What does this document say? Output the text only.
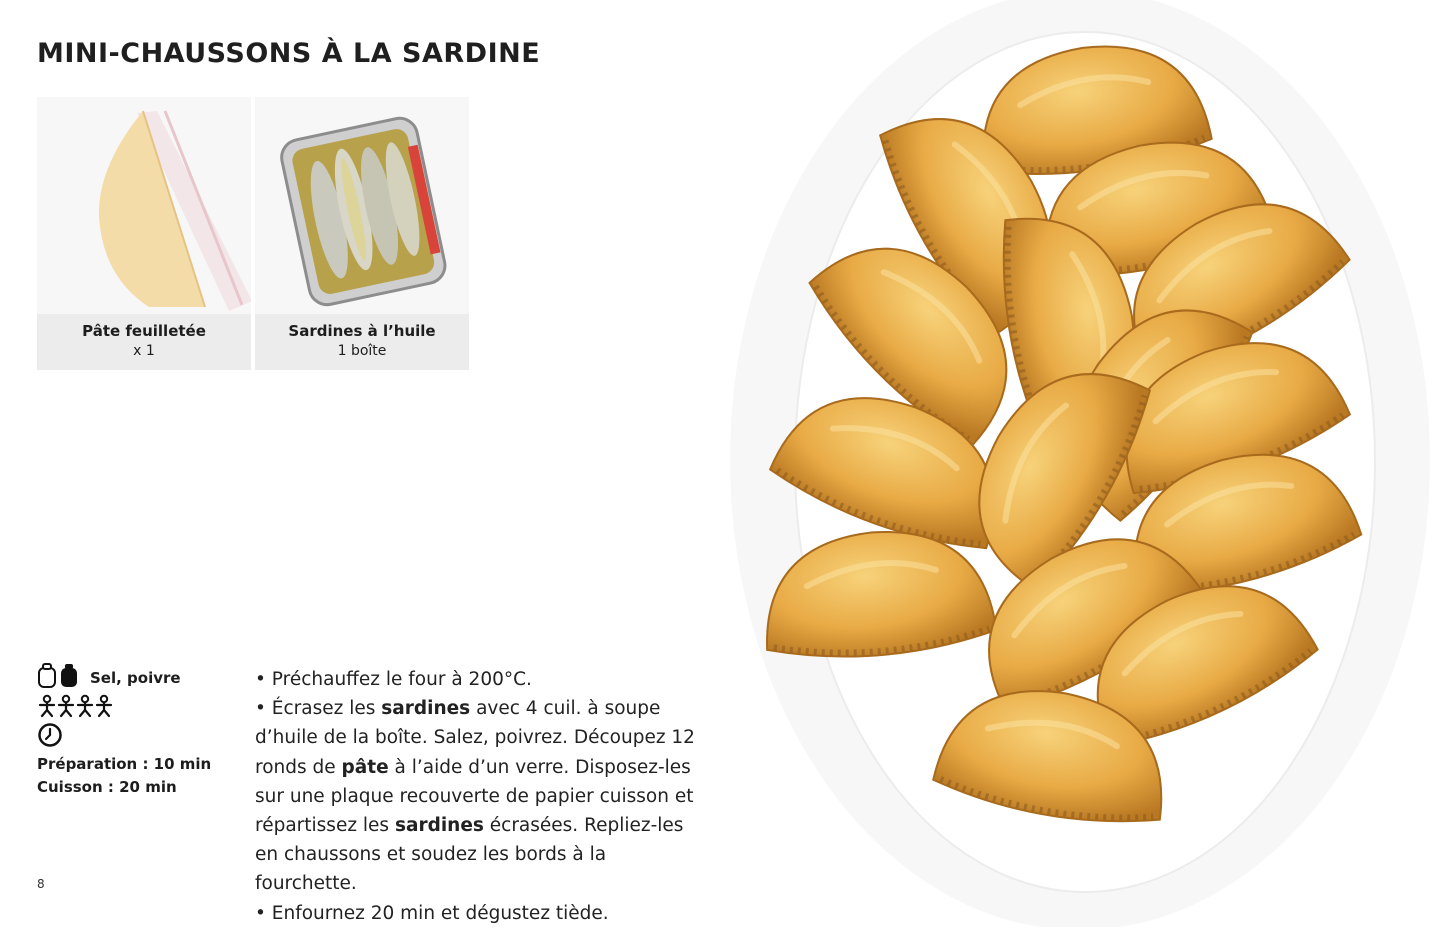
MINI-CHAUSSONS À LA SARDINE
Pâte feuilletée
x 1
Sardines à l’huile
1 boîte
Sel, poivre
Préparation : 10 min
Cuisson : 20 min
• Préchauffez le four à 200°C.
• Écrasez les sardines avec 4 cuil. à soupe d’huile de la boîte. Salez, poivrez. Découpez 12 ronds de pâte à l’aide d’un verre. Disposez-les sur une plaque recouverte de papier cuisson et répartissez les sardines écrasées. Repliez-les en chaussons et soudez les bords à la fourchette.
• Enfournez 20 min et dégustez tiède.
8
